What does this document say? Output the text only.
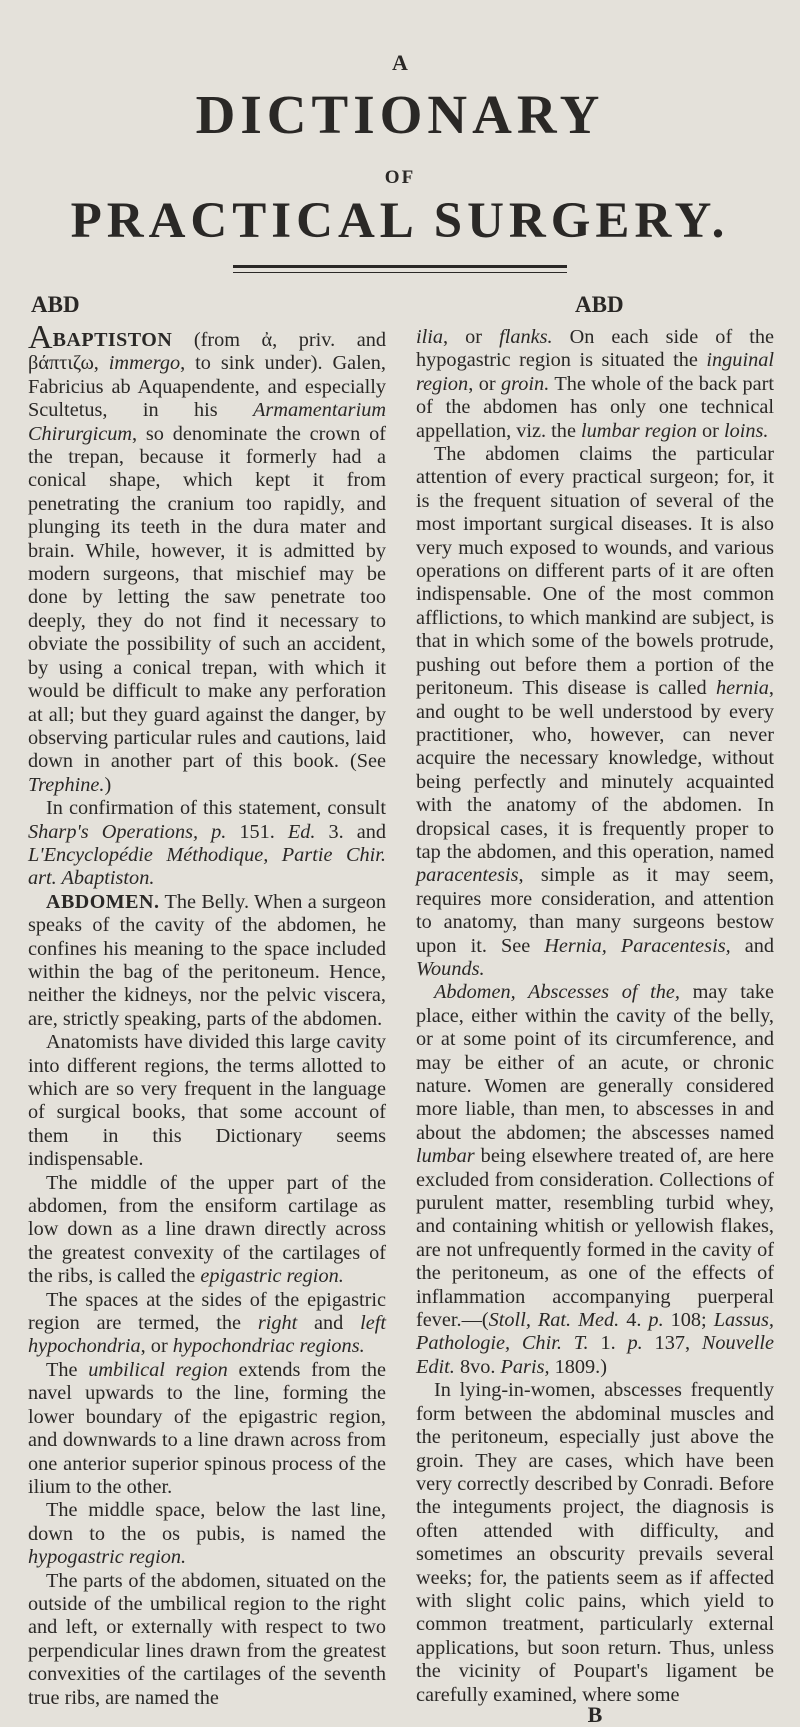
A
DICTIONARY
OF
PRACTICAL SURGERY.
ABD	ABD

ABAPTISTON (from ἀ, priv. and βάπτιζω, immergo, to sink under). Galen, Fabricius ab Aquapendente, and especially Scultetus, in his Armamentarium Chirurgicum, so denominate the crown of the trepan, because it formerly had a conical shape, which kept it from penetrating the cranium too rapidly, and plunging its teeth in the dura mater and brain. While, however, it is admitted by modern surgeons, that mischief may be done by letting the saw penetrate too deeply, they do not find it necessary to obviate the possibility of such an accident, by using a conical trepan, with which it would be difficult to make any perforation at all; but they guard against the danger, by observing particular rules and cautions, laid down in another part of this book. (See Trephine.)

In confirmation of this statement, consult Sharp's Operations, p. 151. Ed. 3. and L'Encyclopédie Méthodique, Partie Chir. art. Abaptiston.

ABDOMEN. The Belly. When a surgeon speaks of the cavity of the abdomen, he confines his meaning to the space included within the bag of the peritoneum. Hence, neither the kidneys, nor the pelvic viscera, are, strictly speaking, parts of the abdomen.

Anatomists have divided this large cavity into different regions, the terms allotted to which are so very frequent in the language of surgical books, that some account of them in this Dictionary seems indispensable.

The middle of the upper part of the abdomen, from the ensiform cartilage as low down as a line drawn directly across the greatest convexity of the cartilages of the ribs, is called the epigastric region.

The spaces at the sides of the epigastric region are termed, the right and left hypochondria, or hypochondriac regions.

The umbilical region extends from the navel upwards to the line, forming the lower boundary of the epigastric region, and downwards to a line drawn across from one anterior superior spinous process of the ilium to the other.

The middle space, below the last line, down to the os pubis, is named the hypogastric region.

The parts of the abdomen, situated on the outside of the umbilical region to the right and left, or externally with respect to two perpendicular lines drawn from the greatest convexities of the cartilages of the seventh true ribs, are named the

ilia, or flanks. On each side of the hypogastric region is situated the inguinal region, or groin. The whole of the back part of the abdomen has only one technical appellation, viz. the lumbar region or loins.

The abdomen claims the particular attention of every practical surgeon; for, it is the frequent situation of several of the most important surgical diseases. It is also very much exposed to wounds, and various operations on different parts of it are often indispensable. One of the most common afflictions, to which mankind are subject, is that in which some of the bowels protrude, pushing out before them a portion of the peritoneum. This disease is called hernia, and ought to be well understood by every practitioner, who, however, can never acquire the necessary knowledge, without being perfectly and minutely acquainted with the anatomy of the abdomen. In dropsical cases, it is frequently proper to tap the abdomen, and this operation, named paracentesis, simple as it may seem, requires more consideration, and attention to anatomy, than many surgeons bestow upon it. See Hernia, Paracentesis, and Wounds.

Abdomen, Abscesses of the, may take place, either within the cavity of the belly, or at some point of its circumference, and may be either of an acute, or chronic nature. Women are generally considered more liable, than men, to abscesses in and about the abdomen; the abscesses named lumbar being elsewhere treated of, are here excluded from consideration. Collections of purulent matter, resembling turbid whey, and containing whitish or yellowish flakes, are not unfrequently formed in the cavity of the peritoneum, as one of the effects of inflammation accompanying puerperal fever.—(Stoll, Rat. Med. 4. p. 108; Lassus, Pathologie, Chir. T. 1. p. 137, Nouvelle Edit. 8vo. Paris, 1809.)

In lying-in-women, abscesses frequently form between the abdominal muscles and the peritoneum, especially just above the groin. They are cases, which have been very correctly described by Conradi. Before the integuments project, the diagnosis is often attended with difficulty, and sometimes an obscurity prevails several weeks; for, the patients seem as if affected with slight colic pains, which yield to common treatment, particularly external applications, but soon return. Thus, unless the vicinity of Poupart's ligament be carefully examined, where some

B
